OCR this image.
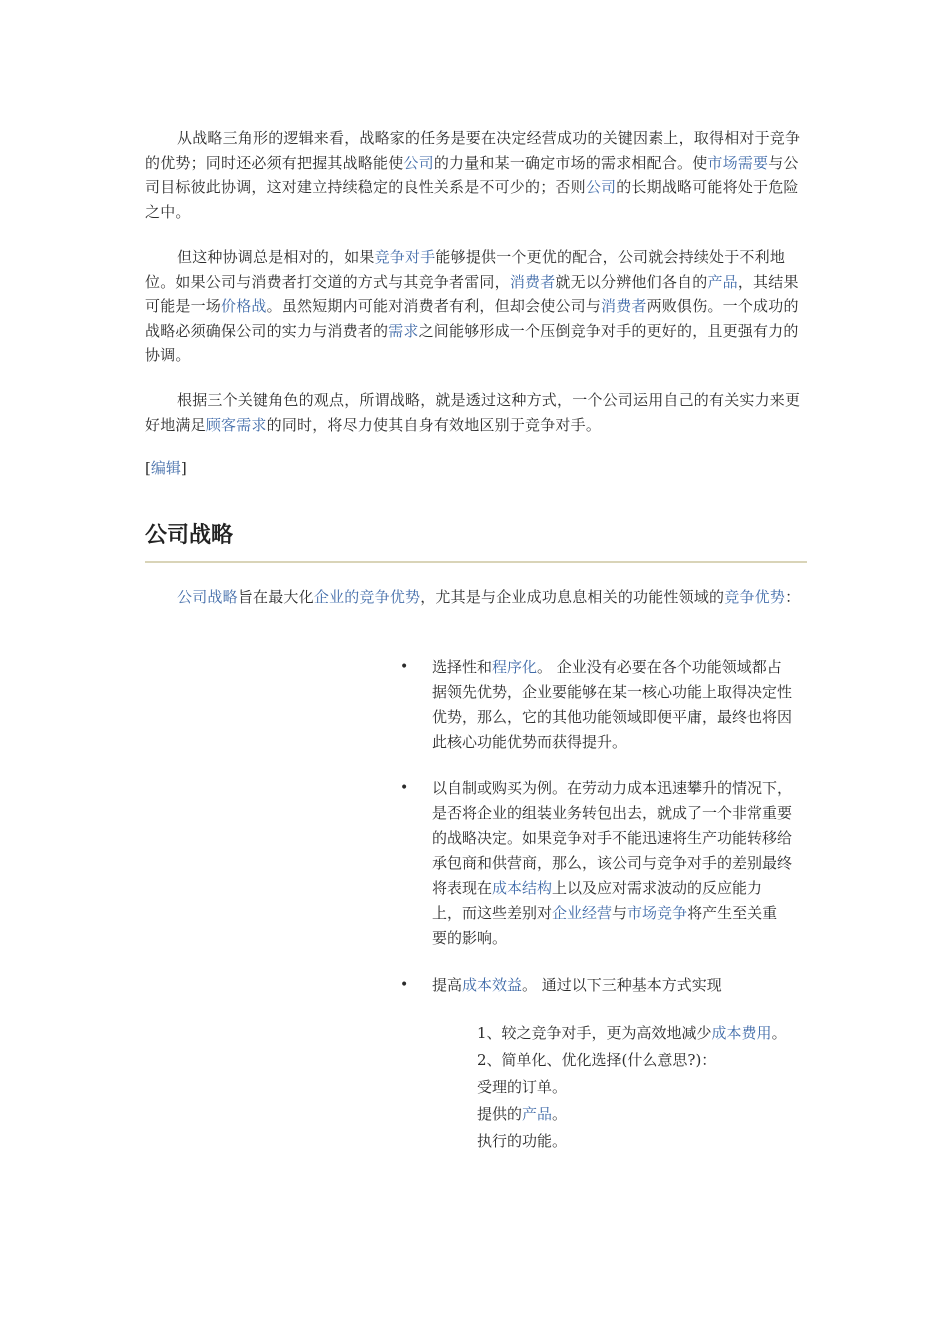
从战略三角形的逻辑来看，战略家的任务是要在决定经营成功的关键因素上，取得相对于竞争的优势；同时还必须有把握其战略能使公司的力量和某一确定市场的需求相配合。使市场需要与公司目标彼此协调，这对建立持续稳定的良性关系是不可少的；否则公司的长期战略可能将处于危险之中。

但这种协调总是相对的，如果竞争对手能够提供一个更优的配合，公司就会持续处于不利地位。如果公司与消费者打交道的方式与其竞争者雷同，消费者就无以分辨他们各自的产品，其结果可能是一场价格战。虽然短期内可能对消费者有利，但却会使公司与消费者两败俱伤。一个成功的战略必须确保公司的实力与消费者的需求之间能够形成一个压倒竞争对手的更好的，且更强有力的协调。

根据三个关键角色的观点，所谓战略，就是透过这种方式，一个公司运用自己的有关实力来更好地满足顾客需求的同时，将尽力使其自身有效地区别于竞争对手。

[编辑]
公司战略

公司战略旨在最大化企业的竞争优势，尤其是与企业成功息息相关的功能性领域的竞争优势：

• 选择性和程序化。 企业没有必要在各个功能领域都占据领先优势，企业要能够在某一核心功能上取得决定性优势，那么，它的其他功能领域即便平庸，最终也将因此核心功能优势而获得提升。

• 以自制或购买为例。在劳动力成本迅速攀升的情况下，是否将企业的组装业务转包出去，就成了一个非常重要的战略决定。如果竞争对手不能迅速将生产功能转移给承包商和供营商，那么，该公司与竞争对手的差别最终将表现在成本结构上以及应对需求波动的反应能力上，而这些差别对企业经营与市场竞争将产生至关重要的影响。

• 提高成本效益。 通过以下三种基本方式实现

1、较之竞争对手，更为高效地减少成本费用。

2、简单化、优化选择(什么意思?)：

受理的订单。

提供的产品。

执行的功能。
